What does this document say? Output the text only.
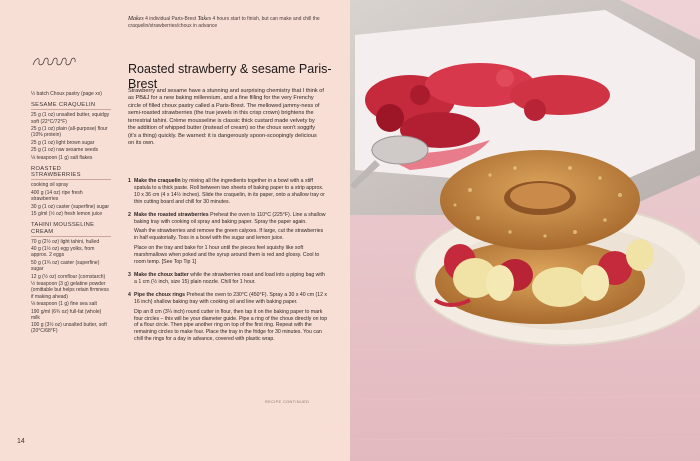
Makes 4 individual Paris-Brest Takes 4 hours start to finish, but can make and chill the craquelin/strawberries/choux in advance
½ batch Choux pastry (page xx)
SESAME CRAQUELIN
25 g (1 oz) unsalted butter, squidgy soft (22°C/72°F)
25 g (1 oz) plain (all-purpose) flour (10% protein)
25 g (1 oz) light brown sugar
25 g (1 oz) raw sesame seeds
⅛ teaspoon (1 g) salt flakes
ROASTED STRAWBERRIES
cooking oil spray
400 g (14 oz) ripe fresh strawberries
30 g (1 oz) caster (superfine) sugar
15 g/ml (½ oz) fresh lemon juice
TAHINI MOUSSELINE CREAM
70 g (2½ oz) light tahini, hulled
40 g (1½ oz) egg yolks, from approx. 2 eggs
50 g (1¾ oz) caster (superfine) sugar
12 g (½ oz) cornflour (cornstarch)
½ teaspoon (3 g) gelatine powder (omittable but helps retain firmness if making ahead)
⅛ teaspoon (1 g) fine sea salt
190 g/ml (6¾ oz) full-fat (whole) milk
100 g (3½ oz) unsalted butter, soft (20°C/68°F)
Roasted strawberry & sesame Paris-Brest
Strawberry and sesame have a stunning and surprising chemistry that I think of as PB&J for a new baking millennium, and a fine filling for the very Frenchy circle of filled choux pastry called a Paris-Brest. The mellowed jammy-ness of semi-roasted strawberries (the true jewels in this crisp crown) brightens the terrestrial tahini. Crème mousseline is classic thick custard made velvety by the addition of whipped butter (instead of cream) so the choux won't soggify (it's a thing) quickly. Be warned: it is dangerously spoon-scoopingly delicious on its own.
1 Make the craquelin by mixing all the ingredients together in a bowl with a stiff spatula to a thick paste. Roll between two sheets of baking paper to a strip approx. 10 x 36 cm (4 x 14½ inches). Slide the craquelin, in its paper, onto a shallow tray or thin cutting board and chill for 30 minutes.

2 Make the roasted strawberries Preheat the oven to 110°C (225°F). Line a shallow baking tray with cooking oil spray and baking paper. Spray the paper again.

Wash the strawberries and remove the green calyxes. If large, cut the strawberries in half equatorially. Toss in a bowl with the sugar and lemon juice.

Place on the tray and bake for 1 hour until the pieces feel squishy like soft marshmallows when poked and the syrup around them is red and glossy. Cool to room temp. [See Top Tip 1]

3 Make the choux batter while the strawberries roast and load into a piping bag with a 1 cm (½ inch, size 15) plain nozzle. Chill for 1 hour.

4 Pipe the choux rings Preheat the oven to 230°C (450°F). Spray a 30 x 40 cm (12 x 16 inch) shallow baking tray with cooking oil and line with baking paper.

Dip an 8 cm (3¼ inch) round cutter in flour, then tap it on the baking paper to mark four circles – this will be your diameter guide. Pipe a ring of the choux directly on top of a flour circle. Then pipe another ring on top of the first ring. Repeat with the remaining circles to make four. Place the tray in the fridge for 30 minutes. You can chill the rings for a day in advance, covered with plastic wrap.

RECIPE CONTINUED
14
